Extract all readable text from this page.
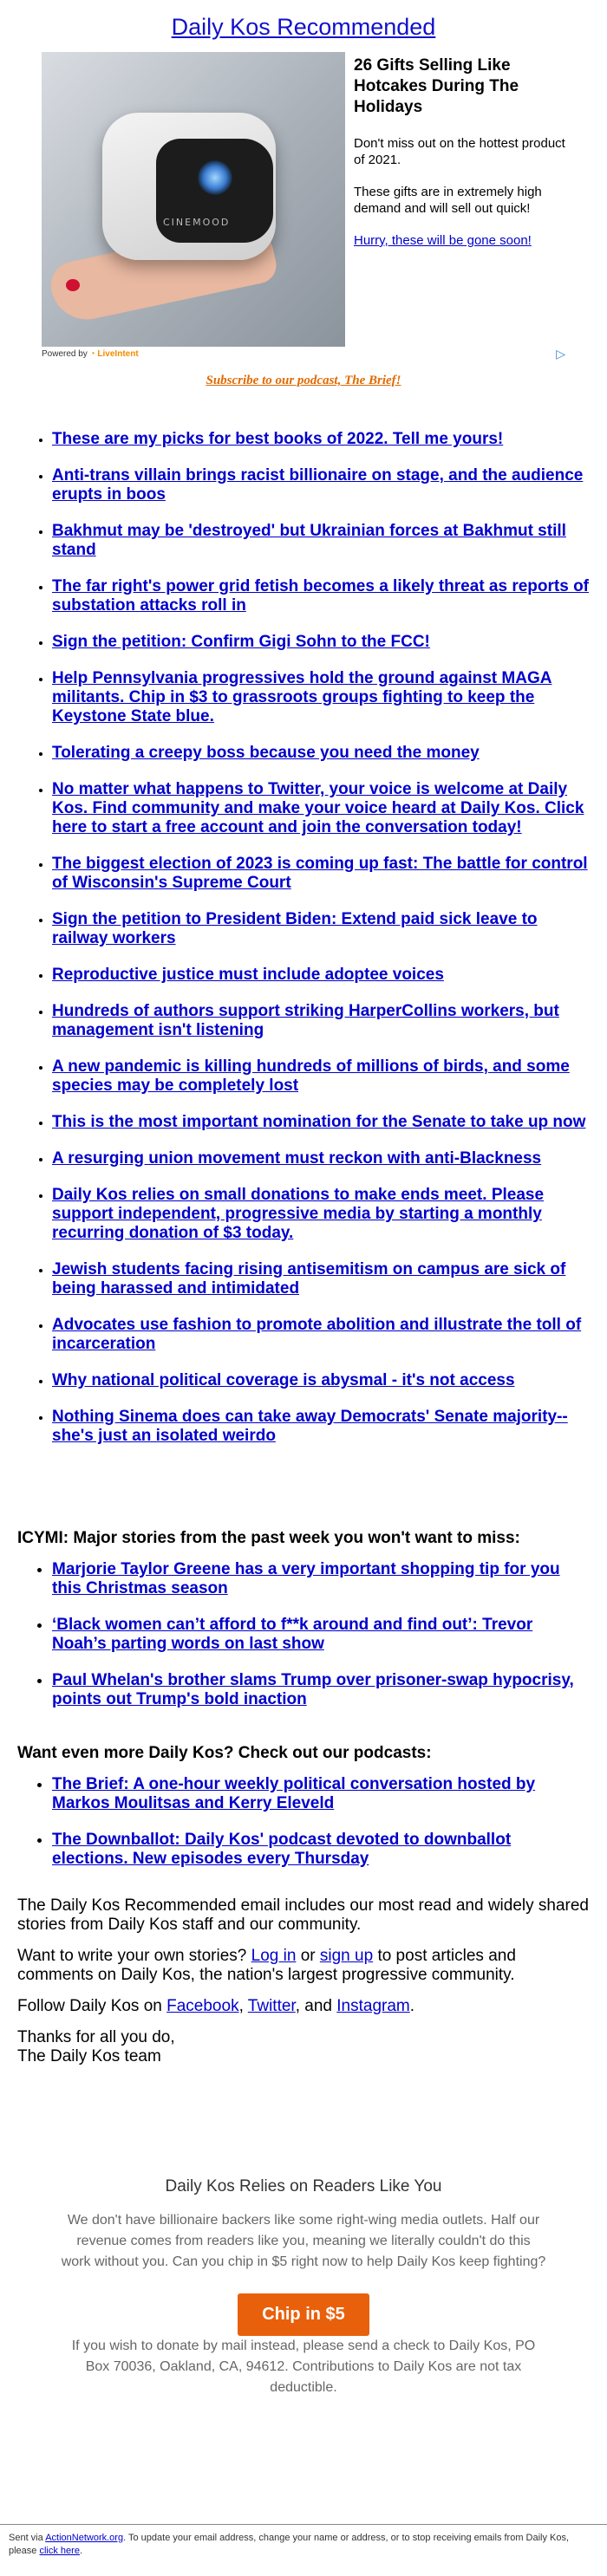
Daily Kos Recommended
CINEMOOD
26 Gifts Selling Like Hotcakes During The Holidays

Don't miss out on the hottest product of 2021.

These gifts are in extremely high demand and will sell out quick!

Hurry, these will be gone soon!
Powered by ◔ LiveIntent	▷
Subscribe to our podcast, The Brief!
• These are my picks for best books of 2022. Tell me yours!
• Anti-trans villain brings racist billionaire on stage, and the audience erupts in boos
• Bakhmut may be 'destroyed' but Ukrainian forces at Bakhmut still stand
• The far right's power grid fetish becomes a likely threat as reports of substation attacks roll in
• Sign the petition: Confirm Gigi Sohn to the FCC!
• Help Pennsylvania progressives hold the ground against MAGA militants. Chip in $3 to grassroots groups fighting to keep the Keystone State blue.
• Tolerating a creepy boss because you need the money
• No matter what happens to Twitter, your voice is welcome at Daily Kos. Find community and make your voice heard at Daily Kos. Click here to start a free account and join the conversation today!
• The biggest election of 2023 is coming up fast: The battle for control of Wisconsin's Supreme Court
• Sign the petition to President Biden: Extend paid sick leave to railway workers
• Reproductive justice must include adoptee voices
• Hundreds of authors support striking HarperCollins workers, but management isn't listening
• A new pandemic is killing hundreds of millions of birds, and some species may be completely lost
• This is the most important nomination for the Senate to take up now
• A resurging union movement must reckon with anti-Blackness
• Daily Kos relies on small donations to make ends meet. Please support independent, progressive media by starting a monthly recurring donation of $3 today.
• Jewish students facing rising antisemitism on campus are sick of being harassed and intimidated
• Advocates use fashion to promote abolition and illustrate the toll of incarceration
• Why national political coverage is abysmal - it's not access
• Nothing Sinema does can take away Democrats' Senate majority--she's just an isolated weirdo
ICYMI: Major stories from the past week you won't want to miss:
• Marjorie Taylor Greene has a very important shopping tip for you this Christmas season
• ‘Black women can’t afford to f**k around and find out’: Trevor Noah’s parting words on last show
• Paul Whelan's brother slams Trump over prisoner-swap hypocrisy, points out Trump's bold inaction
Want even more Daily Kos? Check out our podcasts:
• The Brief: A one-hour weekly political conversation hosted by Markos Moulitsas and Kerry Eleveld
• The Downballot: Daily Kos' podcast devoted to downballot elections. New episodes every Thursday

The Daily Kos Recommended email includes our most read and widely shared stories from Daily Kos staff and our community.

Want to write your own stories? Log in or sign up to post articles and comments on Daily Kos, the nation's largest progressive community.

Follow Daily Kos on Facebook, Twitter, and Instagram.

Thanks for all you do,
The Daily Kos team

Daily Kos Relies on Readers Like You

We don't have billionaire backers like some right-wing media outlets. Half our revenue comes from readers like you, meaning we literally couldn't do this work without you. Can you chip in $5 right now to help Daily Kos keep fighting?

Chip in $5

If you wish to donate by mail instead, please send a check to Daily Kos, PO Box 70036, Oakland, CA, 94612. Contributions to Daily Kos are not tax deductible.

Sent via ActionNetwork.org. To update your email address, change your name or address, or to stop receiving emails from Daily Kos, please click here.
